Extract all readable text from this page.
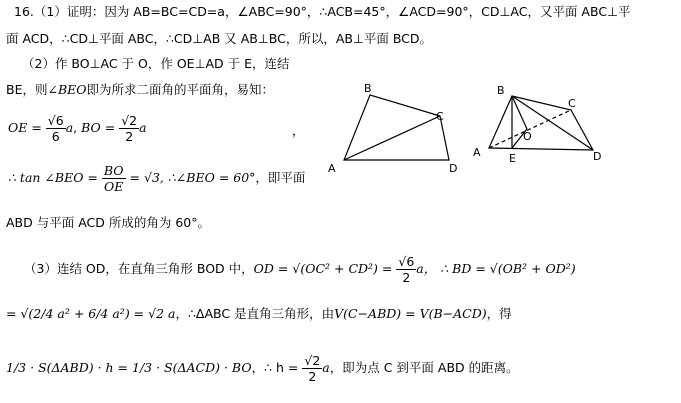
16.（1）证明：因为 AB=BC=CD=a，∠ABC=90°，∴ACB=45°，∠ACD=90°，CD⊥AC，又平面 ABC⊥平
面 ACD，∴CD⊥平面 ABC，∴CD⊥AB 又 AB⊥BC，所以，AB⊥平面 BCD。
（2）作 BO⊥AC 于 O，作 OE⊥AD 于 E，连结
BE，则∠BEO即为所求二面角的平面角，易知：
OE = $\frac{√6}{6} a$, BO = $\frac{√2}{2}$ a	，
∴ tan ∠BEO = $\frac{BO}{OE} = √3$, ∴∠BEO = 60°，即平面
ABD 与平面 ACD 所成的角为 60°。
（3）连结 OD，在直角三角形 BOD 中，OD = $√(OC^2 + CD^2) = \frac{√6}{2}$ a， ∴ BD = √(OB² + OD²)
= √(2/4 a² + 6/4 a²) = √2 a，∴ΔABC 是直角三角形，由V(C−ABD) = V(B−ACD)，得
1/3 · S(ΔABD) · h = 1/3 · S(ΔACD) · BO，∴ $h = \frac{√2}{2}$ a，即为点 C 到平面 ABD 的距离。
B
C
A	D
B
C
O
A	E	D
